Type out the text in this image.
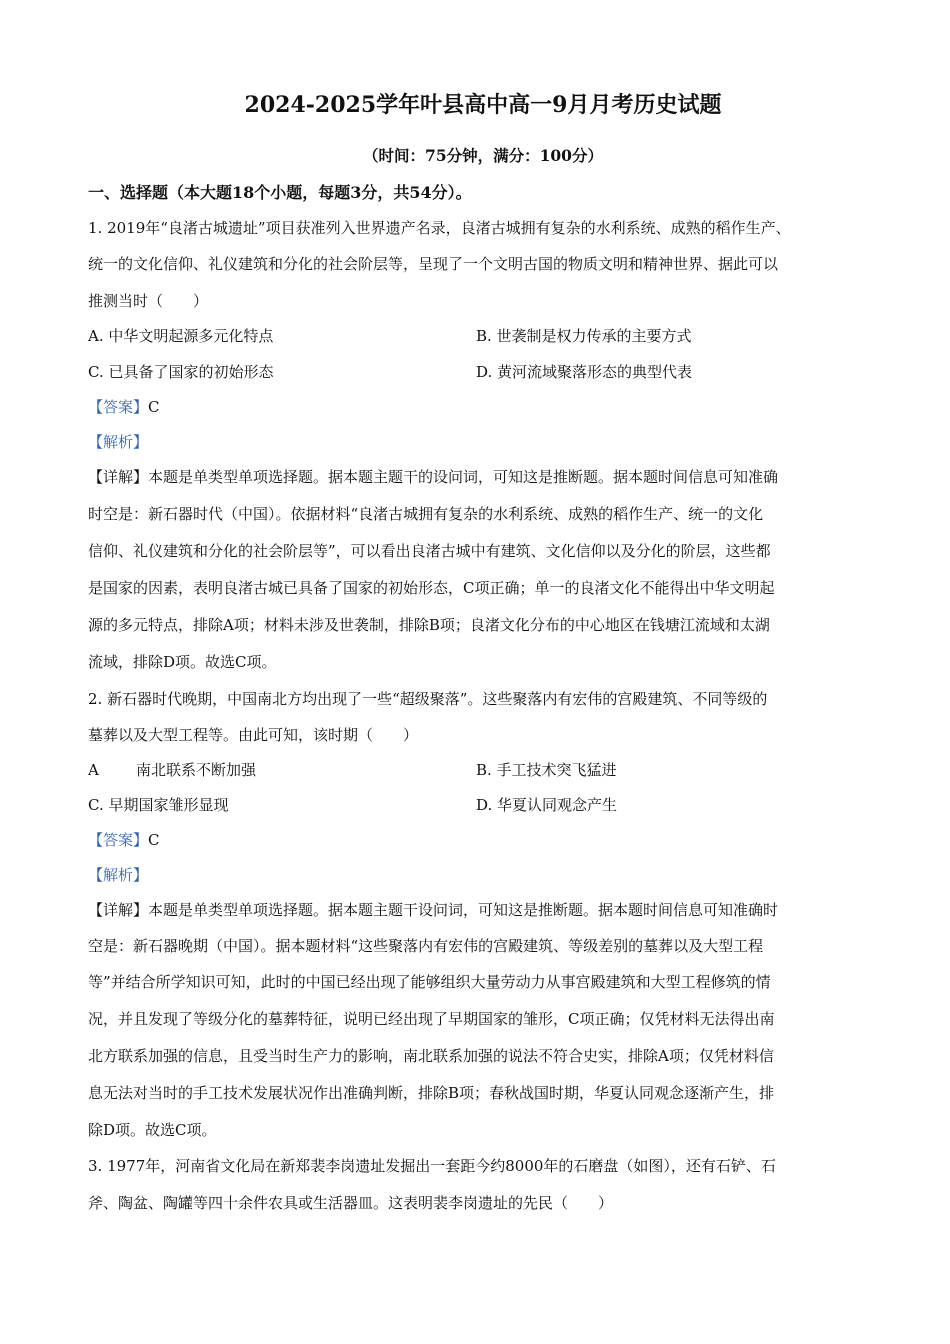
2024-2025学年叶县高中高一9月月考历史试题
（时间：75分钟，满分：100分）
一、选择题（本大题18个小题，每题3分，共54分）。
1. 2019年“良渚古城遗址”项目获准列入世界遗产名录，良渚古城拥有复杂的水利系统、成熟的稻作生产、
统一的文化信仰、礼仪建筑和分化的社会阶层等，呈现了一个文明古国的物质文明和精神世界、据此可以
推测当时（　　）
A. 中华文明起源多元化特点	B. 世袭制是权力传承的主要方式
C. 已具备了国家的初始形态	D. 黄河流域聚落形态的典型代表
【答案】C
【解析】
【详解】本题是单类型单项选择题。据本题主题干的设问词，可知这是推断题。据本题时间信息可知准确
时空是：新石器时代（中国）。依据材料“良渚古城拥有复杂的水利系统、成熟的稻作生产、统一的文化
信仰、礼仪建筑和分化的社会阶层等”，可以看出良渚古城中有建筑、文化信仰以及分化的阶层，这些都
是国家的因素，表明良渚古城已具备了国家的初始形态，C项正确；单一的良渚文化不能得出中华文明起
源的多元特点，排除A项；材料未涉及世袭制，排除B项；良渚文化分布的中心地区在钱塘江流域和太湖
流域，排除D项。故选C项。
2. 新石器时代晚期，中国南北方均出现了一些“超级聚落”。这些聚落内有宏伟的宫殿建筑、不同等级的
墓葬以及大型工程等。由此可知，该时期（　　）
A 南北联系不断加强	B. 手工技术突飞猛进
C. 早期国家雏形显现	D. 华夏认同观念产生
【答案】C
【解析】
【详解】本题是单类型单项选择题。据本题主题干设问词，可知这是推断题。据本题时间信息可知准确时
空是：新石器晚期（中国）。据本题材料“这些聚落内有宏伟的宫殿建筑、等级差别的墓葬以及大型工程
等”并结合所学知识可知，此时的中国已经出现了能够组织大量劳动力从事宫殿建筑和大型工程修筑的情
况，并且发现了等级分化的墓葬特征，说明已经出现了早期国家的雏形，C项正确；仅凭材料无法得出南
北方联系加强的信息，且受当时生产力的影响，南北联系加强的说法不符合史实，排除A项；仅凭材料信
息无法对当时的手工技术发展状况作出准确判断，排除B项；春秋战国时期，华夏认同观念逐渐产生，排
除D项。故选C项。
3. 1977年，河南省文化局在新郑裴李岗遗址发掘出一套距今约8000年的石磨盘（如图），还有石铲、石
斧、陶盆、陶罐等四十余件农具或生活器皿。这表明裴李岗遗址的先民（　　）
